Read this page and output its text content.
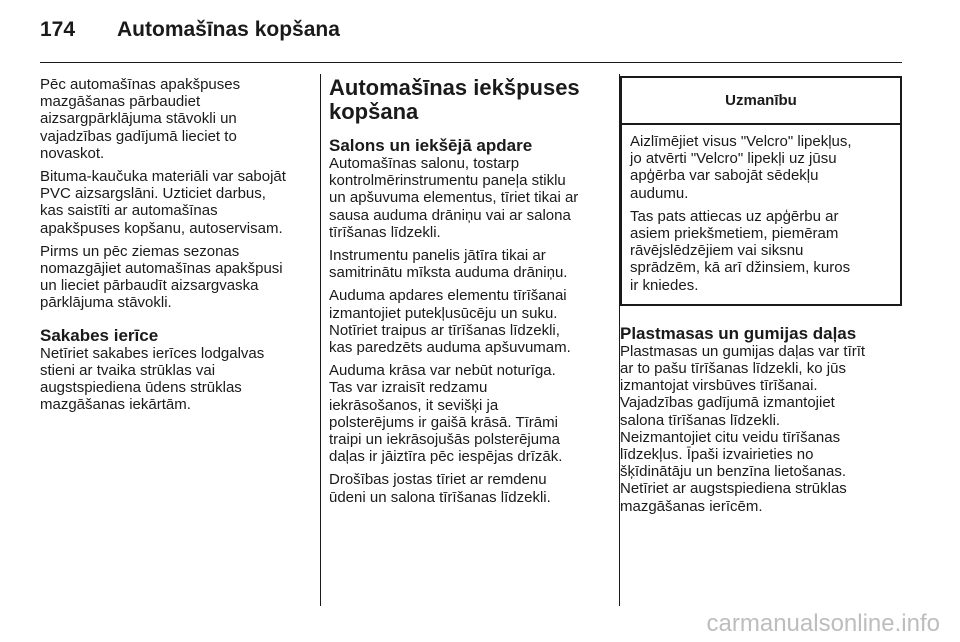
174 Automašīnas kopšana

Pēc automašīnas apakšpuses
mazgāšanas pārbaudiet
aizsargpārklājuma stāvokli un
vajadzības gadījumā lieciet to
novaskot.

Bituma-kaučuka materiāli var sabojāt
PVC aizsargslāni. Uzticiet darbus,
kas saistīti ar automašīnas
apakšpuses kopšanu, autoservisam.

Pirms un pēc ziemas sezonas
nomazgājiet automašīnas apakšpusi
un lieciet pārbaudīt aizsargvaska
pārklājuma stāvokli.

Sakabes ierīce

Netīriet sakabes ierīces lodgalvas
stieni ar tvaika strūklas vai
augstspiediena ūdens strūklas
mazgāšanas iekārtām.

Automašīnas iekšpuses
kopšana
Salons un iekšējā apdare

Automašīnas salonu, tostarp
kontrolmērinstrumentu paneļa stiklu
un apšuvuma elementus, tīriet tikai ar
sausa auduma drāniņu vai ar salona
tīrīšanas līdzekli.

Instrumentu panelis jātīra tikai ar
samitrinātu mīksta auduma drāniņu.

Auduma apdares elementu tīrīšanai
izmantojiet putekļusūcēju un suku.
Notīriet traipus ar tīrīšanas līdzekli,
kas paredzēts auduma apšuvumam.

Auduma krāsa var nebūt noturīga.
Tas var izraisīt redzamu
iekrāsošanos, it sevišķi ja
polsterējums ir gaišā krāsā. Tīrāmi
traipi un iekrāsojušās polsterējuma
daļas ir jāiztīra pēc iespējas drīzāk.

Drošības jostas tīriet ar remdenu
ūdeni un salona tīrīšanas līdzekli.

Uzmanību

Aizlīmējiet visus "Velcro" lipekļus,
jo atvērti "Velcro" lipekļi uz jūsu
apģērba var sabojāt sēdekļu
audumu.

Tas pats attiecas uz apģērbu ar
asiem priekšmetiem, piemēram
rāvējslēdzējiem vai siksnu
sprādzēm, kā arī džinsiem, kuros
ir kniedes.

Plastmasas un gumijas daļas

Plastmasas un gumijas daļas var tīrīt
ar to pašu tīrīšanas līdzekli, ko jūs
izmantojat virsbūves tīrīšanai.
Vajadzības gadījumā izmantojiet
salona tīrīšanas līdzekli.
Neizmantojiet citu veidu tīrīšanas
līdzekļus. Īpaši izvairieties no
šķīdinātāju un benzīna lietošanas.
Netīriet ar augstspiediena strūklas
mazgāšanas ierīcēm.

carmanualsonline.info
